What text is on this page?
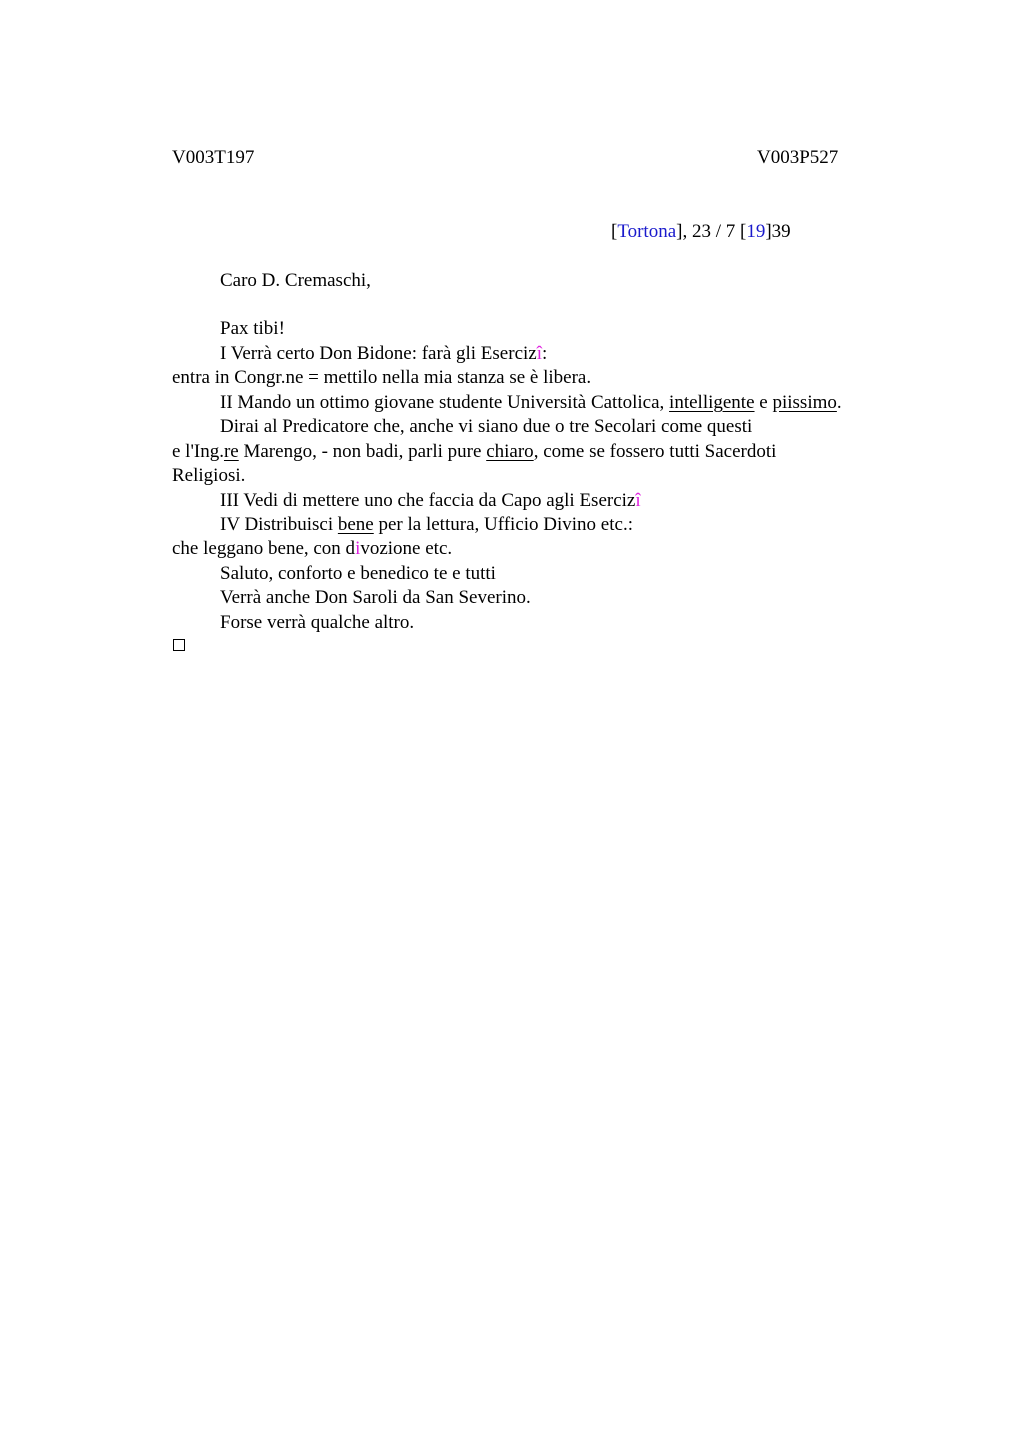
V003T197	V003P527
[Tortona], 23 / 7 [19]39
Caro D. Cremaschi,
Pax tibi!
I Verrà certo Don Bidone: farà gli Esercizî:
entra in Congr.ne = mettilo nella mia stanza se è libera.
II Mando un ottimo giovane studente Università Cattolica, intelligente e piissimo.
Dirai al Predicatore che, anche vi siano due o tre Secolari come questi
e l'Ing.re Marengo, - non badi, parli pure chiaro, come se fossero tutti Sacerdoti
Religiosi.
III Vedi di mettere uno che faccia da Capo agli Esercizî
IV Distribuisci bene per la lettura, Ufficio Divino etc.:
che leggano bene, con divozione etc.
Saluto, conforto e benedico te e tutti
Verrà anche Don Saroli da San Severino.
Forse verrà qualche altro.
